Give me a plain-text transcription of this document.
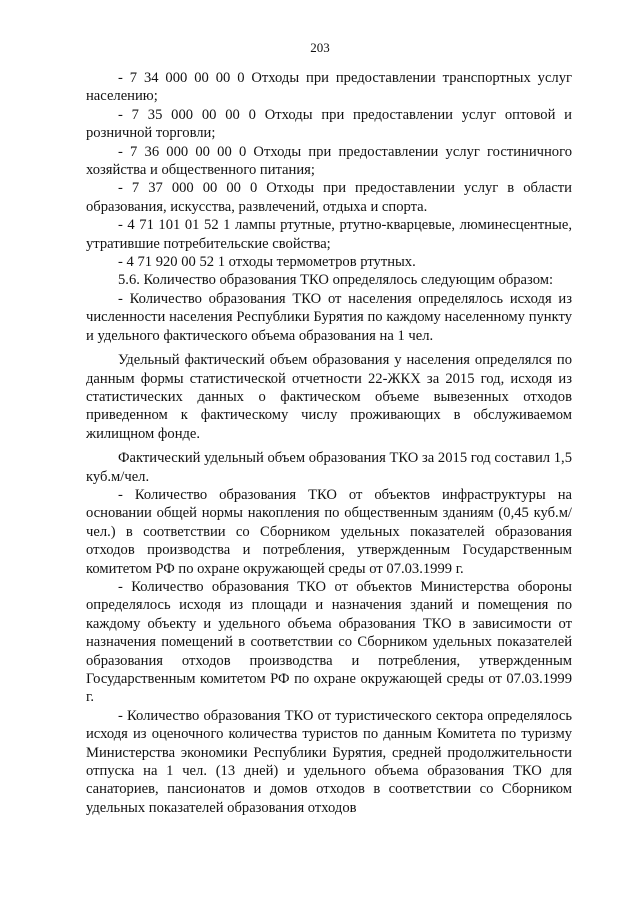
203

- 7 34 000 00 00 0 Отходы при предоставлении транспортных услуг населению;

- 7 35 000 00 00 0 Отходы при предоставлении услуг оптовой и розничной торговли;

- 7 36 000 00 00 0 Отходы при предоставлении услуг гостиничного хозяйства и общественного питания;

- 7 37 000 00 00 0 Отходы при предоставлении услуг в области образования, искусства, развлечений, отдыха и спорта.

- 4 71 101 01 52 1 лампы ртутные, ртутно-кварцевые, люминесцентные, утратившие потребительские свойства;

- 4 71 920 00 52 1 отходы термометров ртутных.

5.6. Количество образования ТКО определялось следующим образом:

- Количество образования ТКО от населения определялось исходя из численности населения Республики Бурятия по каждому населенному пункту и удельного фактического объема образования на 1 чел.

Удельный фактический объем образования у населения определялся по данным формы статистической отчетности 22-ЖКХ за 2015 год, исходя из статистических данных о фактическом объеме вывезенных отходов приведенном к фактическому числу проживающих в обслуживаемом жилищном фонде.

Фактический удельный объем образования ТКО за 2015 год составил 1,5 куб.м/чел.

- Количество образования ТКО от объектов инфраструктуры на основании общей нормы накопления по общественным зданиям (0,45 куб.м/чел.) в соответствии со Сборником удельных показателей образования отходов производства и потребления, утвержденным Государственным комитетом РФ по охране окружающей среды от 07.03.1999 г.

- Количество образования ТКО от объектов Министерства обороны определялось исходя из площади и назначения зданий и помещения по каждому объекту и удельного объема образования ТКО в зависимости от назначения помещений в соответствии со Сборником удельных показателей образования отходов производства и потребления, утвержденным Государственным комитетом РФ по охране окружающей среды от 07.03.1999 г.

- Количество образования ТКО от туристического сектора определялось исходя из оценочного количества туристов по данным Комитета по туризму Министерства экономики Республики Бурятия, средней продолжительности отпуска на 1 чел. (13 дней) и удельного объема образования ТКО для санаториев, пансионатов и домов отходов в соответствии со Сборником удельных показателей образования отходов
